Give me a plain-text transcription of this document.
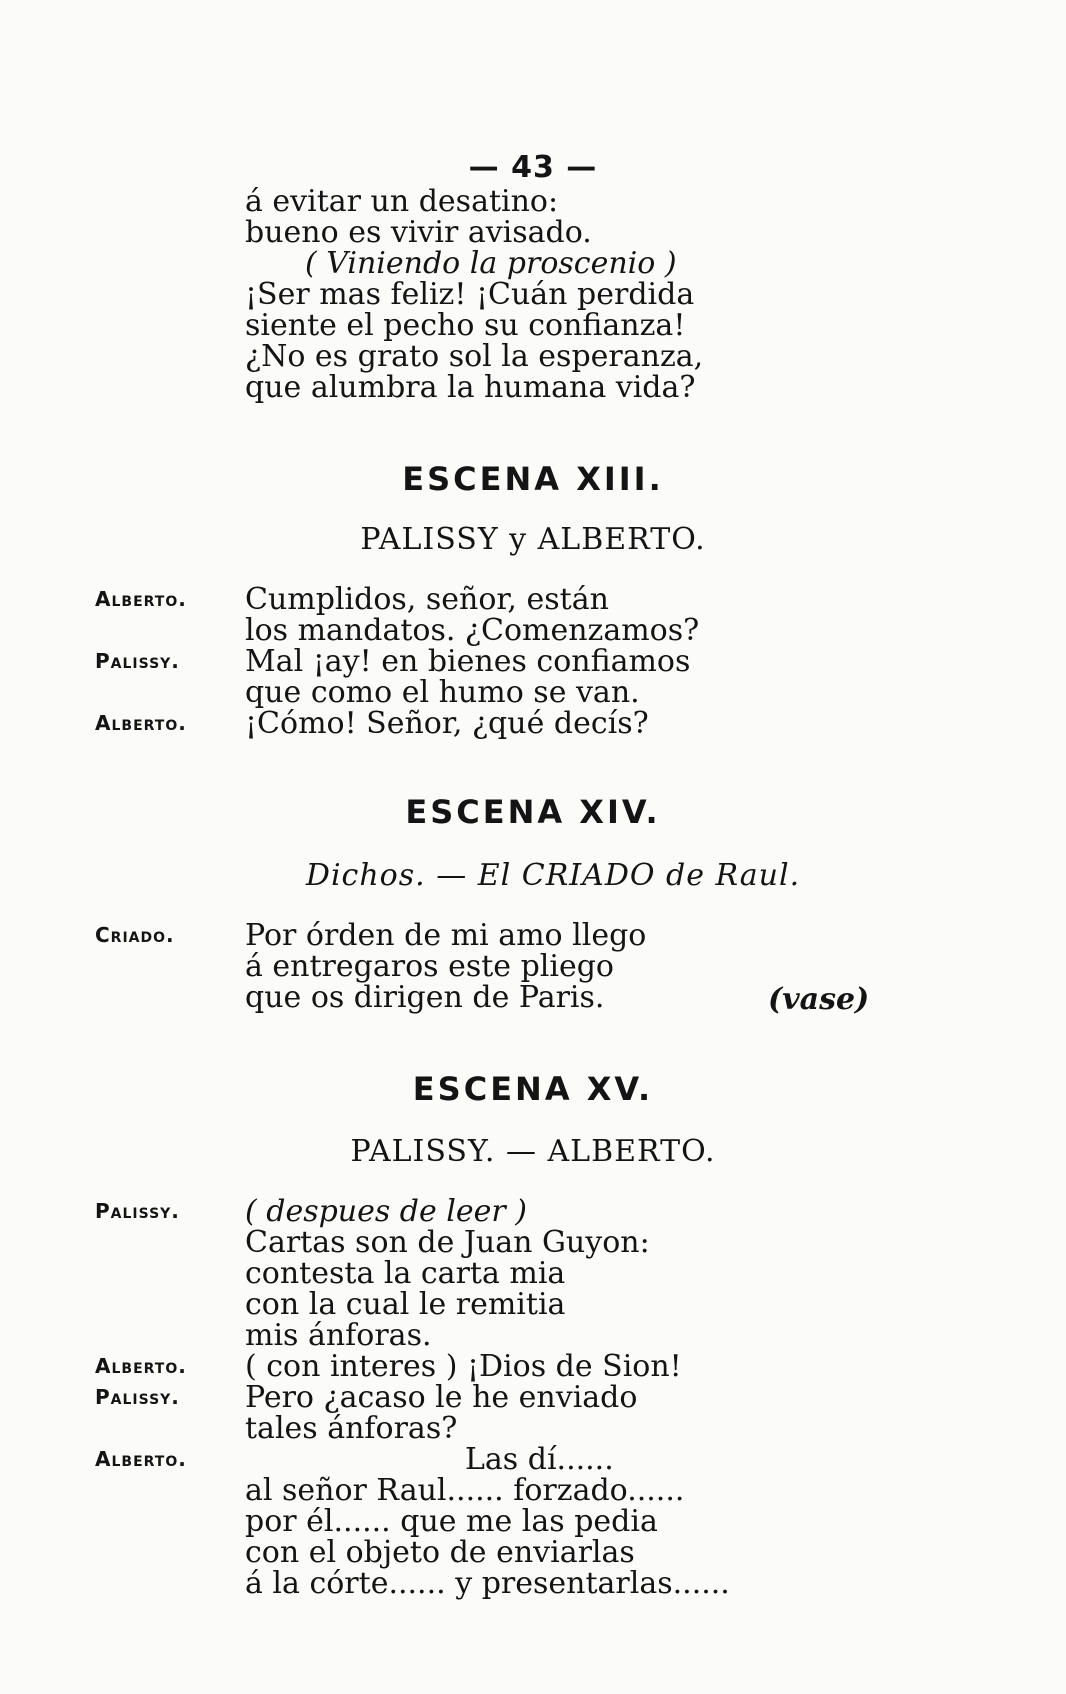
— 43 —
á evitar un desatino:
bueno es vivir avisado.
( Viniendo la proscenio )
¡Ser mas feliz! ¡Cuán perdida
siente el pecho su confianza!
¿No es grato sol la esperanza,
que alumbra la humana vida?
ESCENA XIII.
PALISSY y ALBERTO.
Alberto.	Cumplidos, señor, están
los mandatos. ¿Comenzamos?
Palissy.	Mal ¡ay! en bienes confiamos
que como el humo se van.
Alberto.	¡Cómo! Señor, ¿qué decís?
ESCENA XIV.
Dichos. — El CRIADO de Raul.
Criado.	Por órden de mi amo llego
á entregaros este pliego
que os dirigen de Paris.	(vase)
ESCENA XV.
PALISSY. — ALBERTO.
Palissy.	( despues de leer )
Cartas son de Juan Guyon:
contesta la carta mia
con la cual le remitia
mis ánforas.
Alberto.	( con interes ) ¡Dios de Sion!
Palissy.	Pero ¿acaso le he enviado
tales ánforas?
Alberto.	Las dí......
al señor Raul...... forzado......
por él...... que me las pedia
con el objeto de enviarlas
á la córte...... y presentarlas......
